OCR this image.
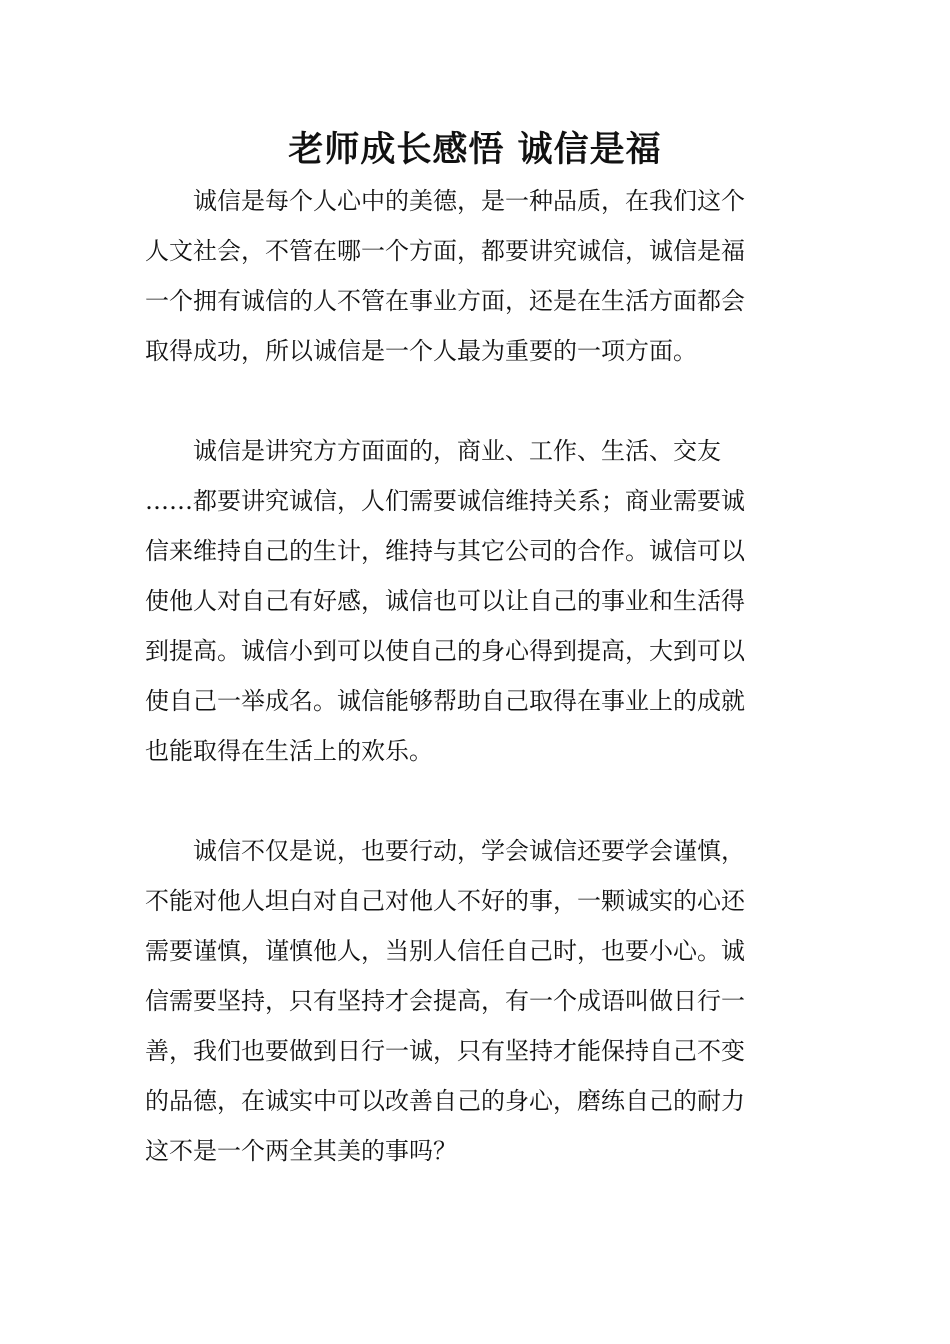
老师成长感悟 诚信是福

　　诚信是每个人心中的美德，是一种品质，在我们这个
人文社会，不管在哪一个方面，都要讲究诚信，诚信是福
一个拥有诚信的人不管在事业方面，还是在生活方面都会
取得成功，所以诚信是一个人最为重要的一项方面。

　　诚信是讲究方方面面的，商业、工作、生活、交友
……都要讲究诚信，人们需要诚信维持关系；商业需要诚
信来维持自己的生计，维持与其它公司的合作。诚信可以
使他人对自己有好感，诚信也可以让自己的事业和生活得
到提高。诚信小到可以使自己的身心得到提高，大到可以
使自己一举成名。诚信能够帮助自己取得在事业上的成就
也能取得在生活上的欢乐。

　　诚信不仅是说，也要行动，学会诚信还要学会谨慎，
不能对他人坦白对自己对他人不好的事，一颗诚实的心还
需要谨慎，谨慎他人，当别人信任自己时，也要小心。诚
信需要坚持，只有坚持才会提高，有一个成语叫做日行一
善，我们也要做到日行一诚，只有坚持才能保持自己不变
的品德，在诚实中可以改善自己的身心，磨练自己的耐力
这不是一个两全其美的事吗？
